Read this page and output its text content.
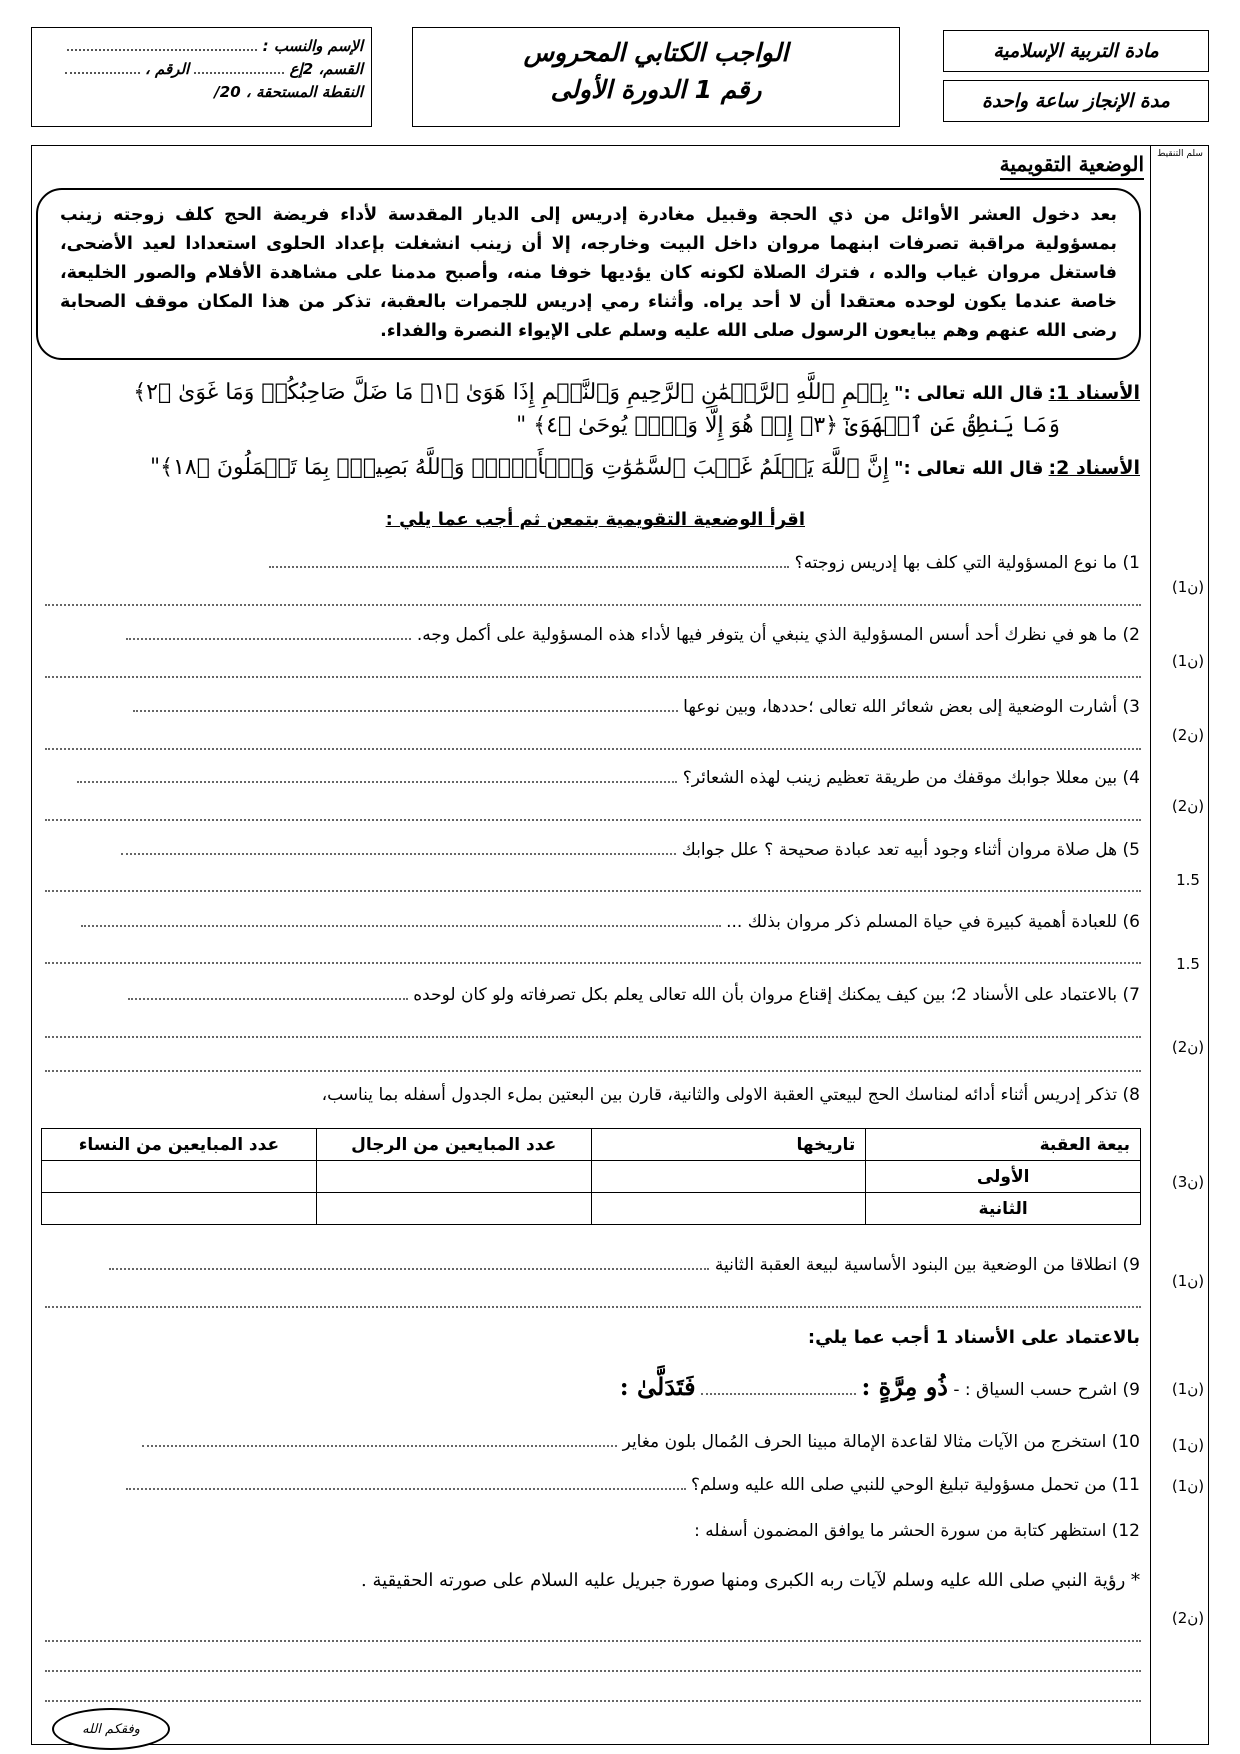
مادة التربية الإسلامية
مدة الإنجاز ساعة واحدة
الواجب الكتابي المحروس
رقم 1 الدورة الأولى
الإسم والنسب :
القسم، 2إع  الرقم ،
النقطة المستحقة ، 20/
سلم التنقيط
الوضعية التقويمية
بعد دخول العشر الأوائل من ذي الحجة وقبيل مغادرة إدريس إلى الديار المقدسة لأداء فريضة الحج كلف زوجته زينب بمسؤولية مراقبة تصرفات ابنهما مروان داخل البيت وخارجه، إلا أن زينب انشغلت بإعداد الحلوى استعدادا لعيد الأضحى، فاستغل مروان غياب والده ، فترك الصلاة لكونه كان يؤديها خوفا منه، وأصبح مدمنا على مشاهدة الأفلام والصور الخليعة، خاصة عندما يكون لوحده معتقدا أن لا أحد يراه. وأثناء رمي إدريس للجمرات بالعقبة، تذكر من هذا المكان موقف الصحابة رضى الله عنهم وهم يبايعون الرسول صلى الله عليه وسلم على الإيواء النصرة والفداء.
الأسناد 1: قال الله تعالى :" بِسۡمِ ٱللَّهِ ٱلرَّحۡمَٰنِ ٱلرَّحِيمِ وَٱلنَّجۡمِ إِذَا هَوَىٰ ﴿١﴾ مَا ضَلَّ صَاحِبُكُمۡ وَمَا غَوَىٰ ﴿٢﴾
وَمَا يَنطِقُ عَنِ ٱلۡهَوَىٰٓ ﴿٣﴾ إِنۡ هُوَ إِلَّا وَحۡيٞ يُوحَىٰ ﴿٤﴾ "
الأسناد 2: قال الله تعالى :" إِنَّ ٱللَّهَ يَعۡلَمُ غَيۡبَ ٱلسَّمَٰوَٰتِ وَٱلۡأَرۡضِۚ وَٱللَّهُ بَصِيرُۢ بِمَا تَعۡمَلُونَ ﴿١٨﴾"
اقرأ الوضعية التقويمية بتمعن ثم أجب عما يلي :
1) ما نوع المسؤولية التي كلف بها إدريس زوجته؟
(1ن)
2) ما هو في نظرك أحد أسس المسؤولية الذي ينبغي أن يتوفر فيها لأداء هذه المسؤولية على أكمل وجه.
(1ن)
3) أشارت الوضعية إلى بعض شعائر الله تعالى ؛حددها، وبين نوعها
(2ن)
4) بين معللا جوابك موقفك من طريقة تعظيم زينب لهذه الشعائر؟
(2ن)
5) هل صلاة مروان أثناء وجود أبيه تعد عبادة صحيحة ؟ علل جوابك
1.5
6) للعبادة أهمية كبيرة في حياة المسلم ذكر مروان بذلك ...
1.5
7) بالاعتماد على الأسناد 2؛ بين كيف يمكنك إقناع مروان بأن الله تعالى يعلم بكل تصرفاته ولو كان لوحده
(2ن)
8) تذكر إدريس أثناء أدائه لمناسك الحج لبيعتي العقبة الاولى والثانية، قارن بين البعتين بملء الجدول أسفله بما يناسب،
بيعة العقبة	تاريخها	عدد المبايعين من الرجال	عدد المبايعين من النساء
الأولى			
الثانية			
(3ن)
9) انطلاقا من الوضعية بين البنود الأساسية لبيعة العقبة الثانية
(1ن)
بالاعتماد على الأسناد 1 أجب عما يلي:
9) اشرح حسب السياق : - ذُو مِرَّةٍ :  فَتَدَلَّىٰ :	(1ن)
10) استخرج من الآيات مثالا لقاعدة الإمالة مبينا الحرف المُمال بلون مغاير	(1ن)
11) من تحمل مسؤولية تبليغ الوحي للنبي صلى الله عليه وسلم؟	(1ن)
12) استظهر كتابة من سورة الحشر ما يوافق المضمون أسفله :
* رؤية النبي صلى الله عليه وسلم لآيات ربه الكبرى ومنها صورة جبريل عليه السلام على صورته الحقيقية .
(2ن)
وفقكم الله
